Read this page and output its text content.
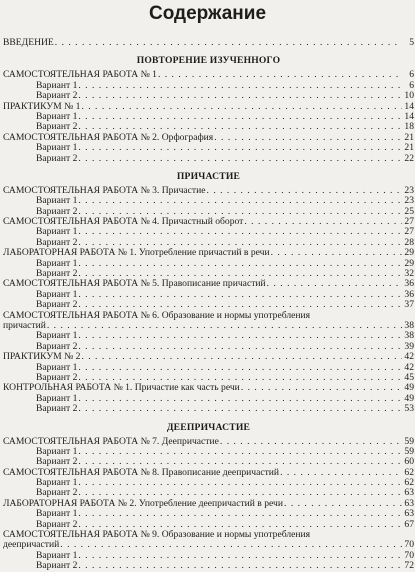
Содержание
ВВЕДЕНИЕ . . .	5
ПОВТОРЕНИЕ ИЗУЧЕННОГО
САМОСТОЯТЕЛЬНАЯ РАБОТА № 1 . . .	6
Вариант 1 . . .	6
Вариант 2 . . .	10
ПРАКТИКУМ № 1 . . .	14
Вариант 1 . . .	14
Вариант 2 . . .	18
САМОСТОЯТЕЛЬНАЯ РАБОТА № 2. Орфография . . .	21
Вариант 1 . . .	21
Вариант 2 . . .	22
ПРИЧАСТИЕ
САМОСТОЯТЕЛЬНАЯ РАБОТА № 3. Причастие . . .	23
Вариант 1 . . .	23
Вариант 2 . . .	25
САМОСТОЯТЕЛЬНАЯ РАБОТА № 4. Причастный оборот . . .	27
Вариант 1 . . .	27
Вариант 2 . . .	28
ЛАБОРАТОРНАЯ РАБОТА № 1. Употребление причастий в речи . . .	29
Вариант 1 . . .	29
Вариант 2 . . .	32
САМОСТОЯТЕЛЬНАЯ РАБОТА № 5. Правописание причастий . . .	36
Вариант 1 . . .	36
Вариант 2 . . .	37
САМОСТОЯТЕЛЬНАЯ РАБОТА № 6. Образование и нормы употребления
причастий . . .	38
Вариант 1 . . .	38
Вариант 2 . . .	39
ПРАКТИКУМ № 2 . . .	42
Вариант 1 . . .	42
Вариант 2 . . .	45
КОНТРОЛЬНАЯ РАБОТА № 1. Причастие как часть речи . . .	49
Вариант 1 . . .	49
Вариант 2 . . .	53
ДЕЕПРИЧАСТИЕ
САМОСТОЯТЕЛЬНАЯ РАБОТА № 7. Деепричастие . . .	59
Вариант 1 . . .	59
Вариант 2 . . .	60
САМОСТОЯТЕЛЬНАЯ РАБОТА № 8. Правописание деепричастий . . .	62
Вариант 1 . . .	62
Вариант 2 . . .	63
ЛАБОРАТОРНАЯ РАБОТА № 2. Употребление деепричастий в речи . . .	63
Вариант 1 . . .	63
Вариант 2 . . .	67
САМОСТОЯТЕЛЬНАЯ РАБОТА № 9. Образование и нормы употребления
деепричастий . . .	70
Вариант 1 . . .	70
Вариант 2 . . .	72
